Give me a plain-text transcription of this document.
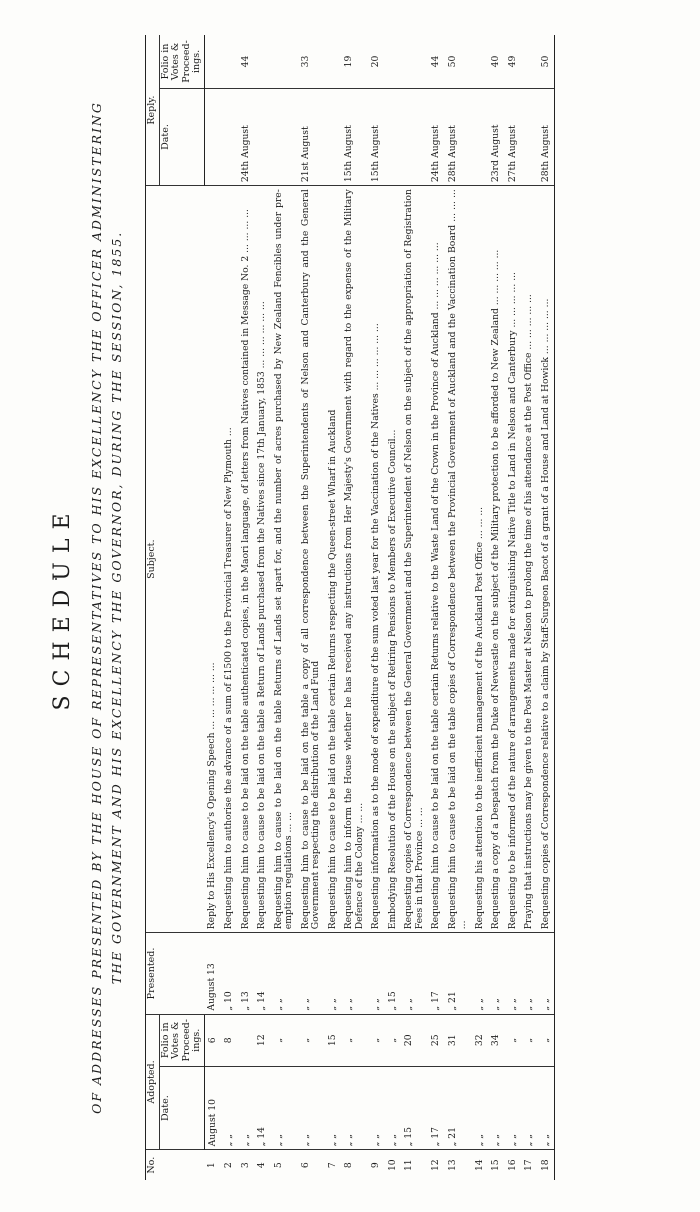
SCHEDULE OF ADDRESSES PRESENTED BY THE HOUSE OF REPRESENTATIVES TO HIS EXCELLENCY THE OFFICER ADMINISTERING THE GOVERNMENT AND HIS EXCELLENCY THE GOVERNOR, DURING THE SESSION, 1855.
No.	Adopted.		Presented.	Subject.	Reply.	
	Date.	Folio in Votes & Proceed-ings.			Date.	Folio in Votes & Proceed-ings.
1	August 10	6	August 13	Reply to His Excellency's Opening Speech ... ... ... ... ... ...		
2	„ „	8	„ 10	Requesting him to authorise the advance of a sum of £1500 to the Provincial Treasurer of New Plymouth ...		
3	„ „		„ 13	Requesting him to cause to be laid on the table authenticated copies, in the Maori language, of letters from Natives contained in Message No. 2 ... ... ... ...	24th August	44
4	„ 14	12	„ 14	Requesting him to cause to be laid on the table a Return of Lands purchased from the Natives since 17th January, 1853 ... ... ... ... ... ...		
5	„ „	„	„ „	Requesting him to cause to be laid on the table Returns of Lands set apart for, and the number of acres purchased by New Zealand Fencibles under pre-emption regulations ... ...		
6	„ „	„	„ „	Requesting him to cause to be laid on the table a copy of all correspondence between the Superintendents of Nelson and Canterbury and the General Government respecting the distribution of the Land Fund	21st August	33
7	„ „	15	„ „	Requesting him to cause to be laid on the table certain Returns respecting the Queen-street Wharf in Auckland		
8	„ „	„	„ „	Requesting him to inform the House whether he has received any instructions from Her Majesty's Government with regard to the expense of the Military Defence of the Colony ... ...	15th August	19
9	„ „	„	„ „	Requesting information as to the mode of expenditure of the sum voted last year for the Vaccination of the Natives ... ... ... ... ... ...	15th August	20
10	„ „	„	„ 15	Embodying Resolution of the House on the subject of Retiring Pensions to Members of Executive Council...		
11	„ 15	20	„ „	Requesting copies of Correspondence between the General Government and the Superintendent of Nelson on the subject of the appropriation of Registration Fees in that Province ... ...		
12	„ 17	25	„ 17	Requesting him to cause to be laid on the table certain Returns relative to the Waste Land of the Crown in the Province of Auckland ... ... ... ... ... ...	24th August	44
13	„ 21	31	„ 21	Requesting him to cause to be laid on the table copies of Correspondence between the Provincial Government of Auckland and the Vaccination Board ... ... ... ...	28th August	50
14	„ „	32	„ „	Requesting his attention to the inefficient management of the Auckland Post Office ... ... ...		
15	„ „	34	„ „	Requesting a copy of a Despatch from the Duke of Newcastle on the subject of the Military protection to be afforded to New Zealand ... ... ... ... ...	23rd August	40
16	„ „	„	„ „	Requesting to be informed of the nature of arrangements made for extinguishing Native Title to Land in Nelson and Canterbury ... ... ... ... ...	27th August	49
17	„ „	„	„ „	Praying that instructions may be given to the Post Master at Nelson to prolong the time of his attendance at the Post Office ... ... ... ... ...		
18	„ „	„	„ „	Requesting copies of Correspondence relative to a claim by Staff-Surgeon Bacot of a grant of a House and Land at Howick ... ... ... ... ...	28th August	50
